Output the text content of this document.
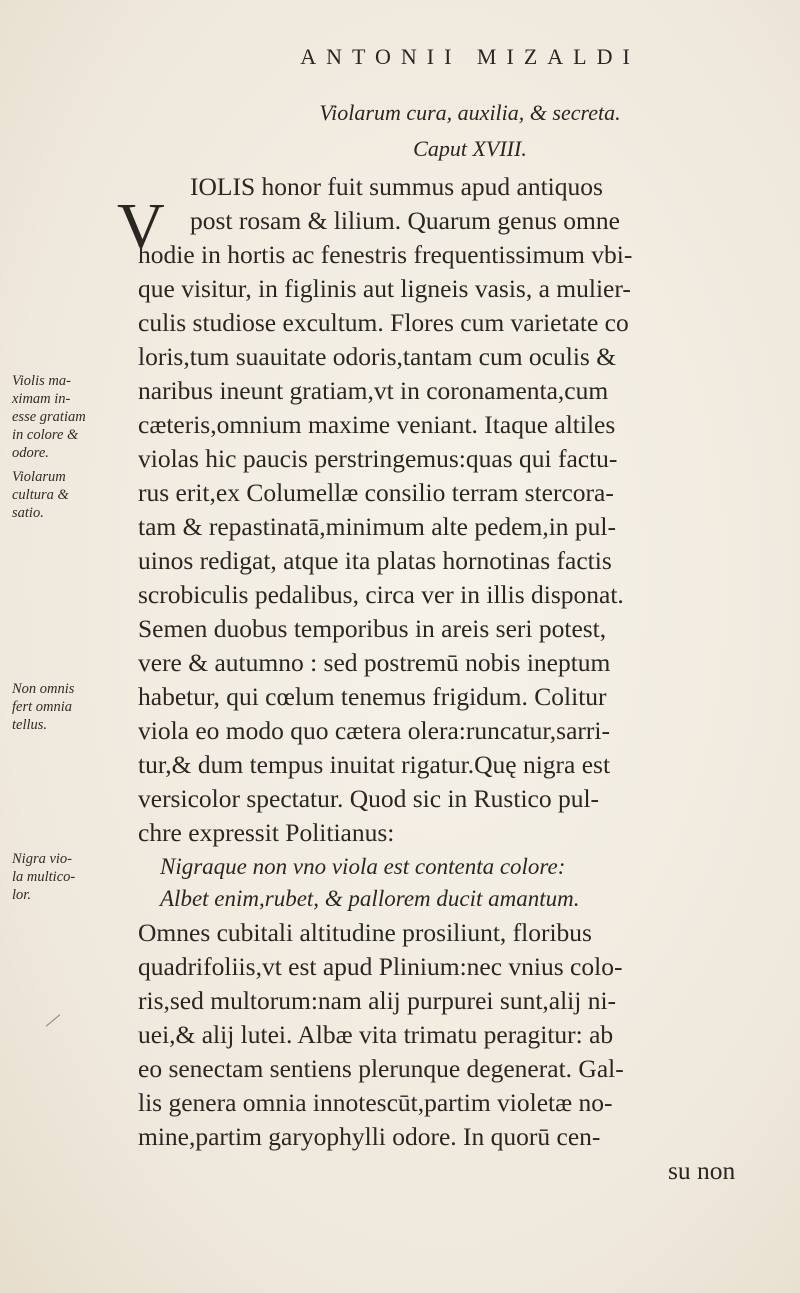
ANTONII MIZALDI
Violarum cura, auxilia, & secreta.
Caput XVIII.
V
IOLIS honor fuit summus apud antiquos
post rosam & lilium. Quarum genus omne
hodie in hortis ac fenestris frequentissimum vbi-
que visitur, in figlinis aut ligneis vasis, a mulier-
culis studiose excultum. Flores cum varietate co
loris,tum suauitate odoris,tantam cum oculis &
naribus ineunt gratiam,vt in coronamenta,cum
cæteris,omnium maxime veniant. Itaque altiles
violas hic paucis perstringemus:quas qui factu-
rus erit,ex Columellæ consilio terram stercora-
tam & repastinatā,minimum alte pedem,in pul-
uinos redigat, atque ita platas hornotinas factis
scrobiculis pedalibus, circa ver in illis disponat.
Semen duobus temporibus in areis seri potest,
vere & autumno : sed postremū nobis ineptum
habetur, qui cœlum tenemus frigidum. Colitur
viola eo modo quo cætera olera:runcatur,sarri-
tur,& dum tempus inuitat rigatur.Quę nigra est
versicolor spectatur. Quod sic in Rustico pul-
chre expressit Politianus:
Nigraque non vno viola est contenta colore:
Albet enim,rubet, & pallorem ducit amantum.
Omnes cubitali altitudine prosiliunt, floribus
quadrifoliis,vt est apud Plinium:nec vnius colo-
ris,sed multorum:nam alij purpurei sunt,alij ni-
uei,& alij lutei. Albæ vita trimatu peragitur: ab
eo senectam sentiens plerunque degenerat. Gal-
lis genera omnia innotescūt,partim violetæ no-
mine,partim garyophylli odore. In quorū cen-
su non
Violis ma-
ximam in-
esse gratiam
in colore &
odore.
Violarum
cultura &
satio.
Non omnis
fert omnia
tellus.
Nigra vio-
la multico-
lor.
